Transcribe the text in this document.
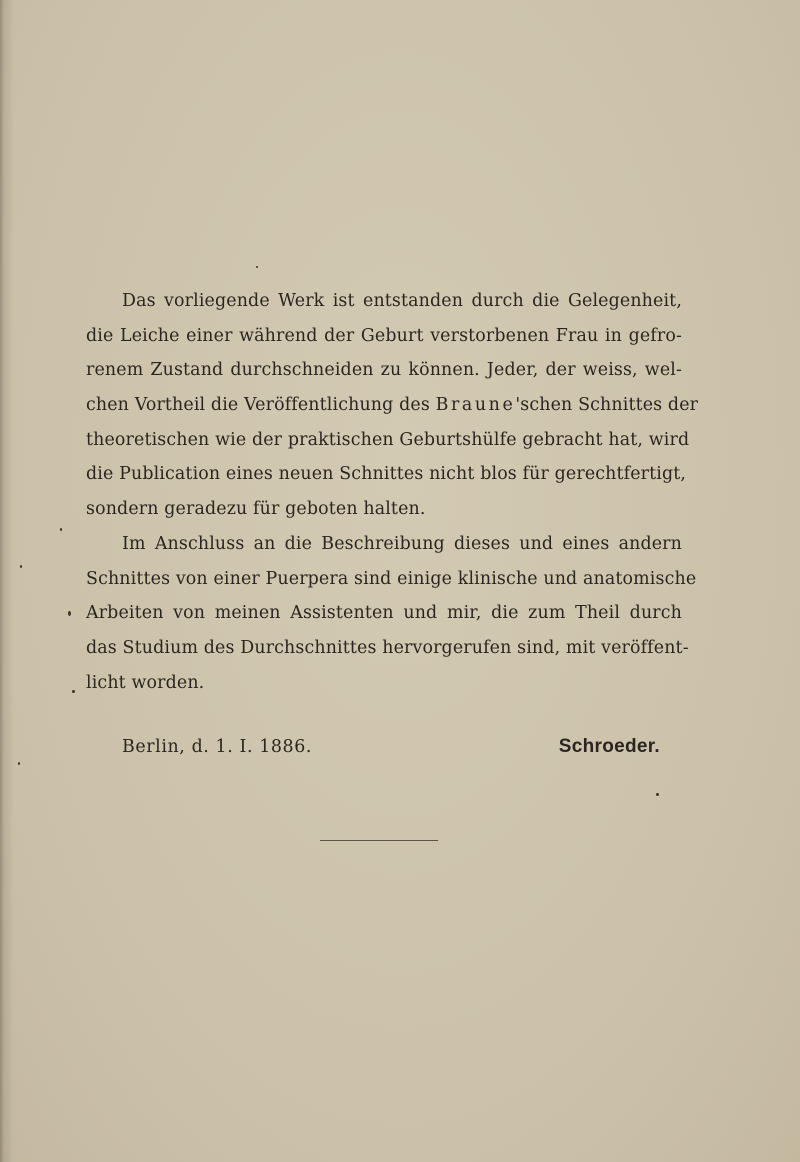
Das vorliegende Werk ist entstanden durch die Gelegenheit,
die Leiche einer während der Geburt verstorbenen Frau in gefro-
renem Zustand durchschneiden zu können. Jeder, der weiss, wel-
chen Vortheil die Veröffentlichung des Braune'schen Schnittes der
theoretischen wie der praktischen Geburtshülfe gebracht hat, wird
die Publication eines neuen Schnittes nicht blos für gerechtfertigt,
sondern geradezu für geboten halten.
Im Anschluss an die Beschreibung dieses und eines andern
Schnittes von einer Puerpera sind einige klinische und anatomische
Arbeiten von meinen Assistenten und mir, die zum Theil durch
das Studium des Durchschnittes hervorgerufen sind, mit veröffent-
licht worden.
Berlin, d. 1. I. 1886.	Schroeder.
